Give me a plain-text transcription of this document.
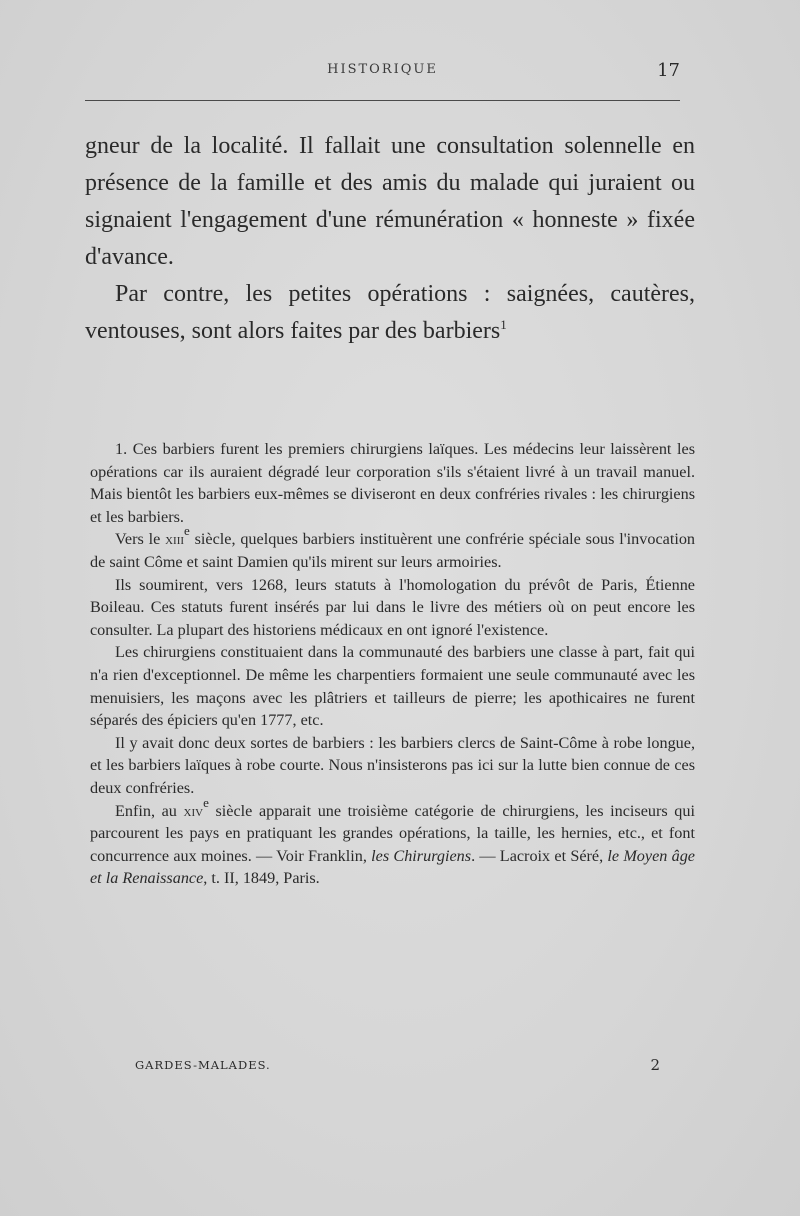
HISTORIQUE	17

gneur de la localité. Il fallait une consultation solennelle en présence de la famille et des amis du malade qui juraient ou signaient l'engagement d'une rémunération « honneste » fixée d'avance.

Par contre, les petites opérations : saignées, cautères, ventouses, sont alors faites par des barbiers$^1$

1. Ces barbiers furent les premiers chirurgiens laïques. Les médecins leur laissèrent les opérations car ils auraient dégradé leur corporation s'ils s'étaient livré à un travail manuel. Mais bientôt les barbiers eux-mêmes se diviseront en deux confréries rivales : les chirurgiens et les barbiers.

Vers le xiii$^e$ siècle, quelques barbiers instituèrent une confrérie spéciale sous l'invocation de saint Côme et saint Damien qu'ils mirent sur leurs armoiries.

Ils soumirent, vers 1268, leurs statuts à l'homologation du prévôt de Paris, Étienne Boileau. Ces statuts furent insérés par lui dans le livre des métiers où on peut encore les consulter. La plupart des historiens médicaux en ont ignoré l'existence.

Les chirurgiens constituaient dans la communauté des barbiers une classe à part, fait qui n'a rien d'exceptionnel. De même les charpentiers formaient une seule communauté avec les menuisiers, les maçons avec les plâtriers et tailleurs de pierre; les apothicaires ne furent séparés des épiciers qu'en 1777, etc.

Il y avait donc deux sortes de barbiers : les barbiers clercs de Saint-Côme à robe longue, et les barbiers laïques à robe courte. Nous n'insisterons pas ici sur la lutte bien connue de ces deux confréries.

Enfin, au xiv$^e$ siècle apparait une troisième catégorie de chirurgiens, les inciseurs qui parcourent les pays en pratiquant les grandes opérations, la taille, les hernies, etc., et font concurrence aux moines. — Voir Franklin, les Chirurgiens. — Lacroix et Séré, le Moyen âge et la Renaissance, t. II, 1849, Paris.

GARDES-MALADES.	2
